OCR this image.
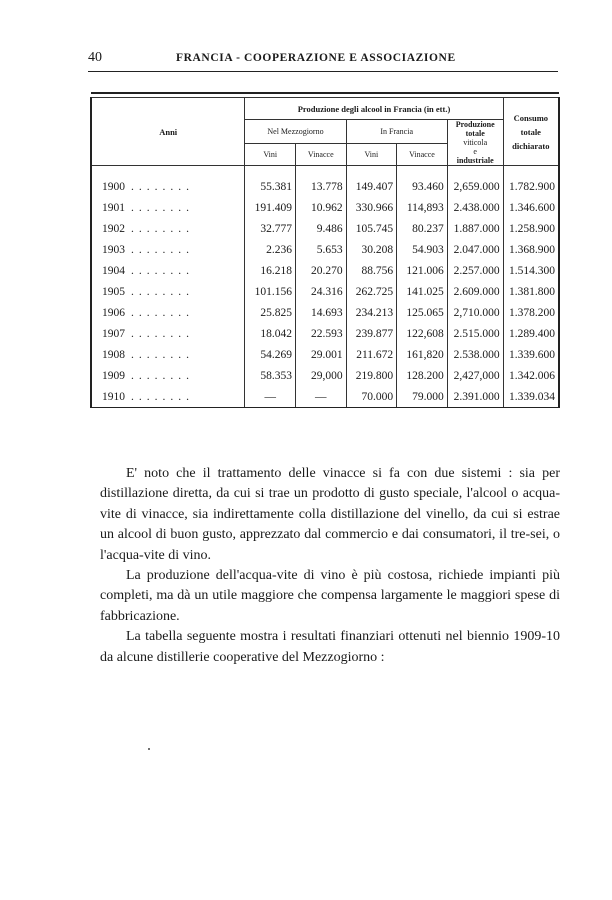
40	FRANCIA - COOPERAZIONE E ASSOCIAZIONE

Anni	Produzione degli alcool in Francia (in ett.)					Consumo
totale
dichiarato

	Nel Mezzogiorno		In Francia		Produzione
totale
viticola
e
industriale	

	Vini	Vinacce	Vini	Vinacce		

1900 ........	55.381	13.778	149.407	93.460	2,659.000	1.782.900
1901 ........	191.409	10.962	330.966	114,893	2.438.000	1.346.600
1902 ........	32.777	9.486	105.745	80.237	1.887.000	1.258.900
1903 ........	2.236	5.653	30.208	54.903	2.047.000	1.368.900
1904 ........	16.218	20.270	88.756	121.006	2.257.000	1.514.300
1905 ........	101.156	24.316	262.725	141.025	2.609.000	1.381.800
1906 ........	25.825	14.693	234.213	125.065	2,710.000	1.378.200
1907 ........	18.042	22.593	239.877	122,608	2.515.000	1.289.400
1908 ........	54.269	29.001	211.672	161,820	2.538.000	1.339.600
1909 ........	58.353	29,000	219.800	128.200	2,427,000	1.342.006
1910 ........	—	—	70.000	79.000	2.391.000	1.339.034

E' noto che il trattamento delle vinacce si fa con due sistemi : sia per distillazione diretta, da cui si trae un prodotto di gusto speciale, l'alcool o acqua-vite di vinacce, sia indirettamente colla distillazione del vinello, da cui si estrae un alcool di buon gusto, apprezzato dal commercio e dai consumatori, il tre-sei, o l'acqua-vite di vino.

La produzione dell'acqua-vite di vino è più costosa, richiede impianti più completi, ma dà un utile maggiore che compensa largamente le maggiori spese di fabbricazione.

La tabella seguente mostra i resultati finanziari ottenuti nel biennio 1909-10 da alcune distillerie cooperative del Mezzogiorno :
